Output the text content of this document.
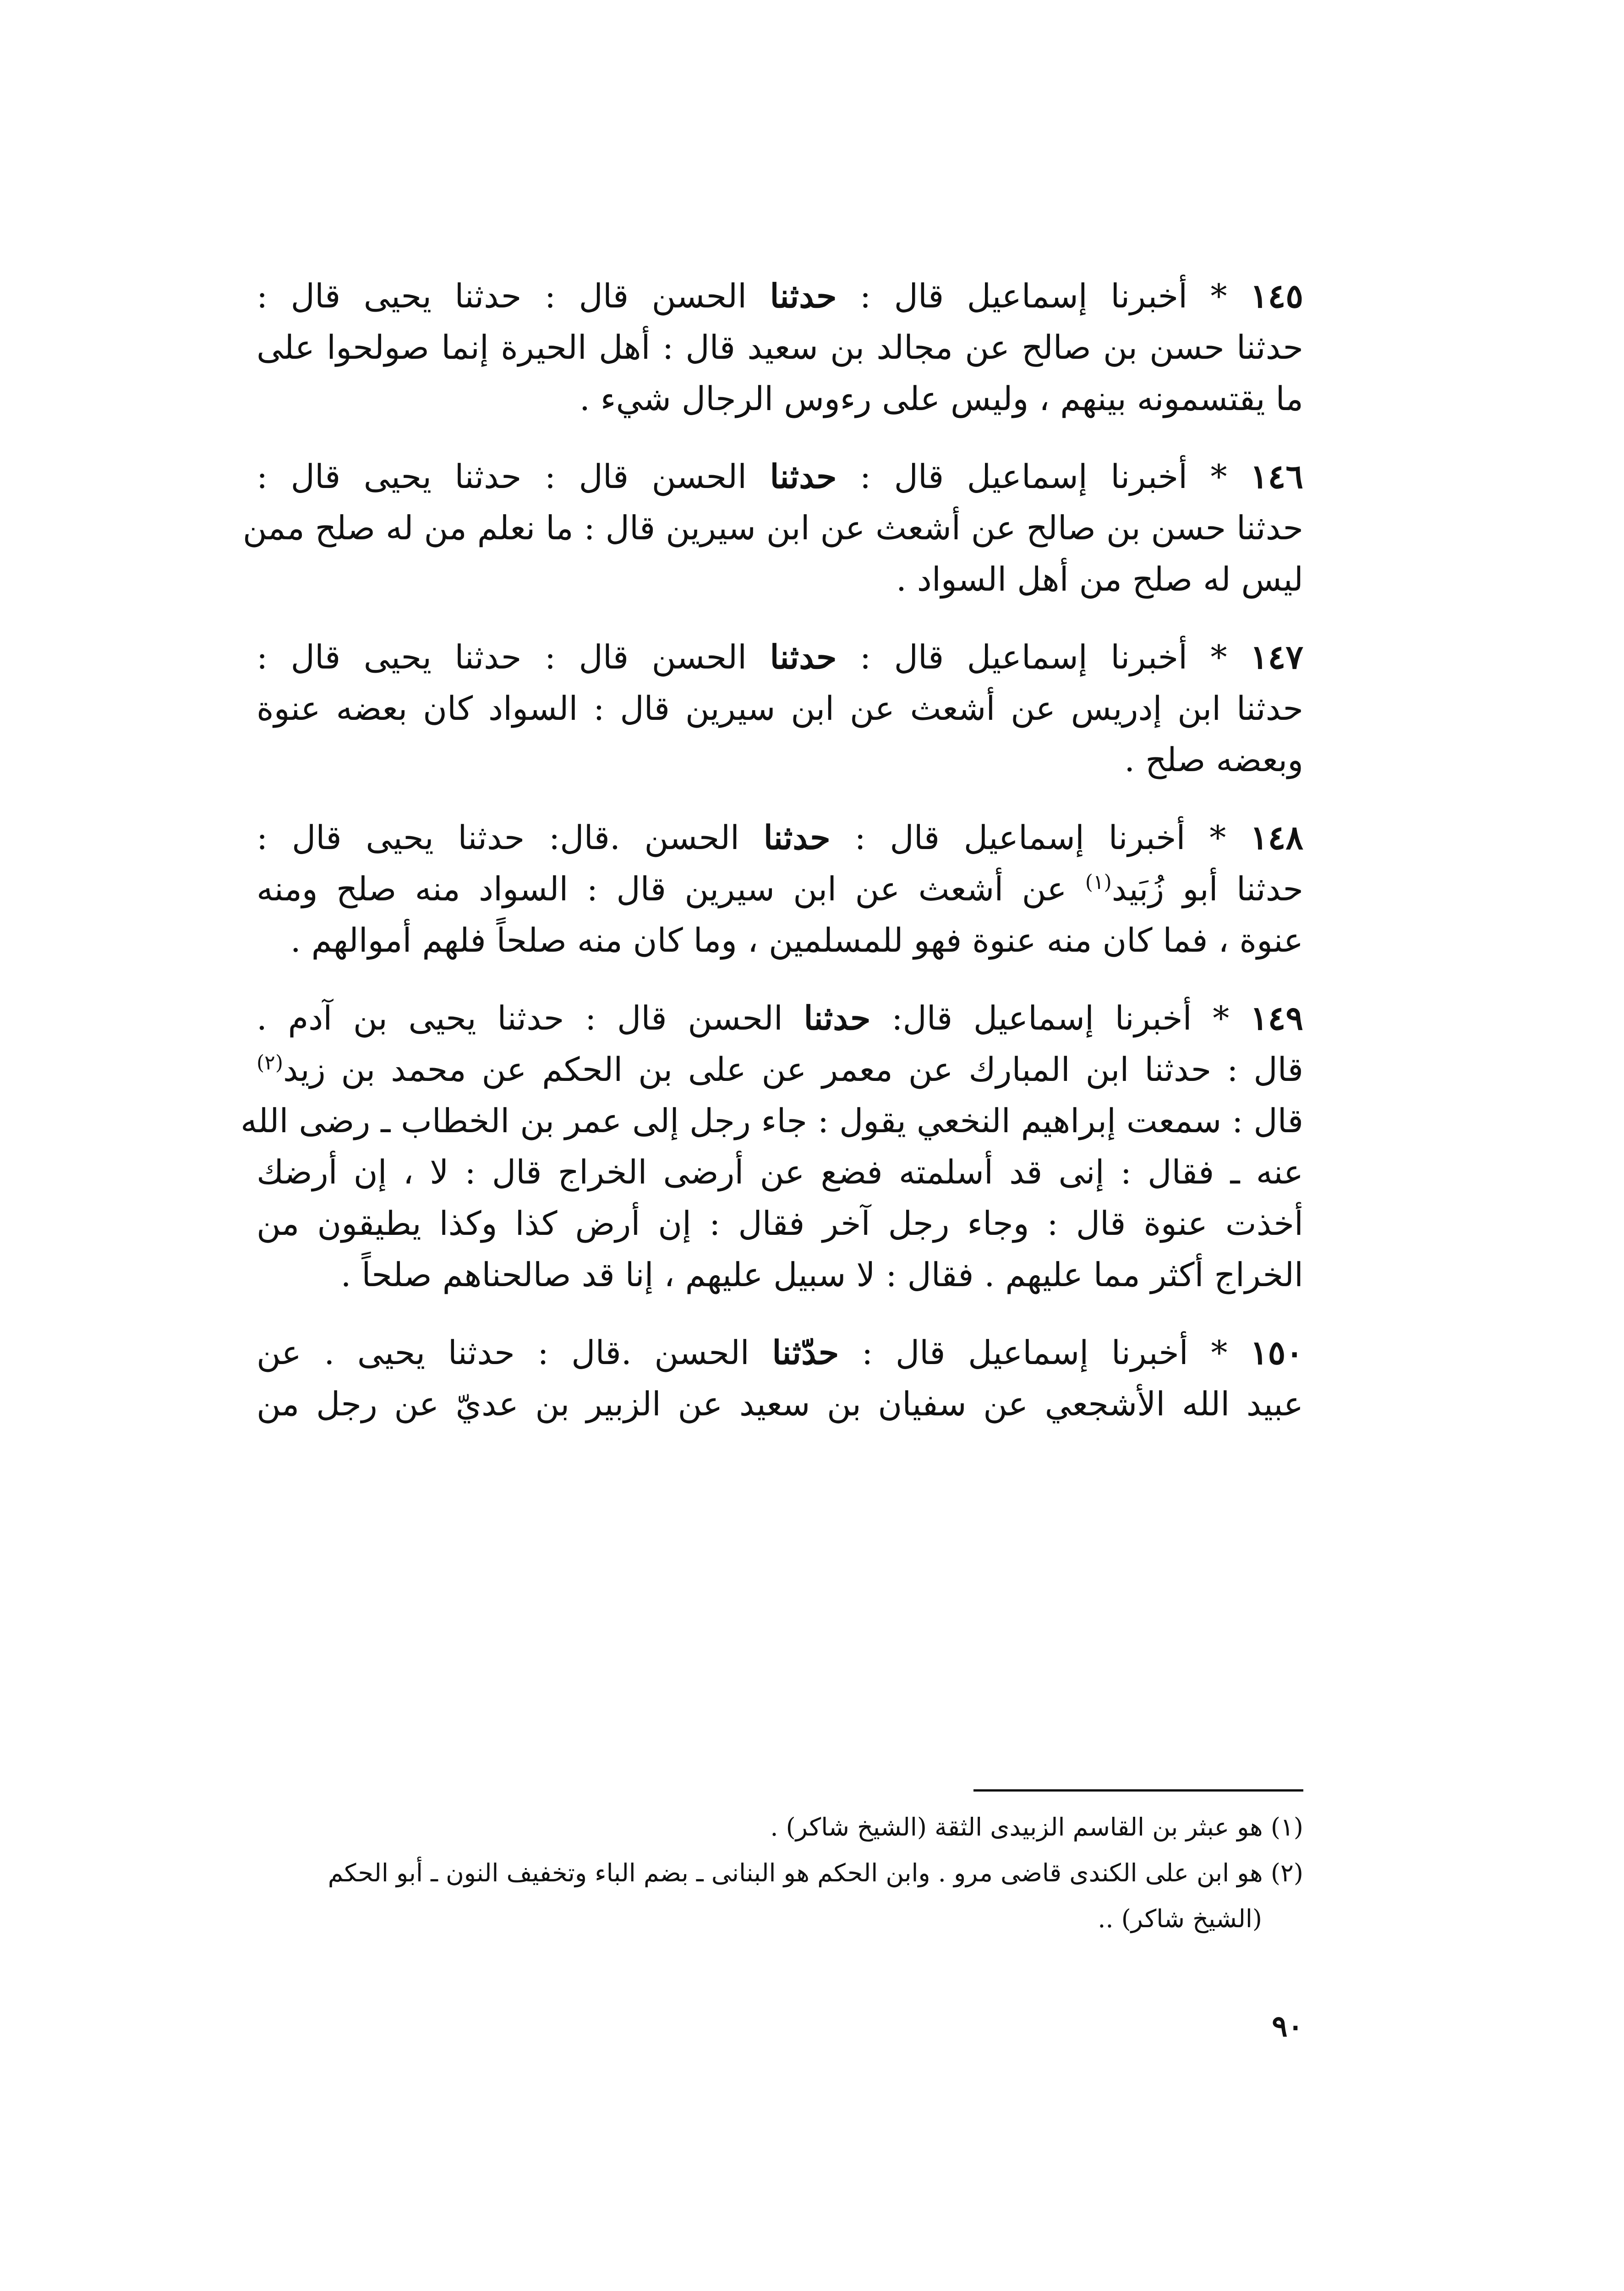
١٤٥ * أخبرنا إسماعيل قال : حدثنا الحسن قال : حدثنا يحيى قال :
حدثنا حسن بن صالح عن مجالد بن سعيد قال : أهل الحيرة إنما صولحوا على
ما يقتسمونه بينهم ، وليس على رءوس الرجال شيء .
١٤٦ * أخبرنا إسماعيل قال : حدثنا الحسن قال : حدثنا يحيى قال :
حدثنا حسن بن صالح عن أشعث عن ابن سيرين قال : ما نعلم من له صلح ممن
ليس له صلح من أهل السواد .
١٤٧ * أخبرنا إسماعيل قال : حدثنا الحسن قال : حدثنا يحيى قال :
حدثنا ابن إدريس عن أشعث عن ابن سيرين قال : السواد كان بعضه عنوة
وبعضه صلح .
١٤٨ * أخبرنا إسماعيل قال : حدثنا الحسن .قال: حدثنا يحيى قال :
حدثنا أبو زُبَيد$^{(١)}$ عن أشعث عن ابن سيرين قال : السواد منه صلح ومنه
عنوة ، فما كان منه عنوة فهو للمسلمين ، وما كان منه صلحاً فلهم أموالهم .
١٤٩ * أخبرنا إسماعيل قال: حدثنا الحسن قال : حدثنا يحيى بن آدم .
قال : حدثنا ابن المبارك عن معمر عن على بن الحكم عن محمد بن زيد$^{(٢)}$
قال : سمعت إبراهيم النخعي يقول : جاء رجل إلى عمر بن الخطاب ـ رضى الله
عنه ـ فقال : إنى قد أسلمته فضع عن أرضى الخراج قال : لا ، إن أرضك
أخذت عنوة قال : وجاء رجل آخر فقال : إن أرض كذا وكذا يطيقون من
الخراج أكثر مما عليهم . فقال : لا سبيل عليهم ، إنا قد صالحناهم صلحاً .
١٥٠ * أخبرنا إسماعيل قال : حدّثنا الحسن .قال : حدثنا يحيى . عن
عبيد الله الأشجعي عن سفيان بن سعيد عن الزبير بن عديّ عن رجل من
(١) هو عبثر بن القاسم الزبيدى الثقة (الشيخ شاكر) .
(٢) هو ابن على الكندى قاضى مرو . وابن الحكم هو البنانى ـ بضم الباء وتخفيف النون ـ أبو الحكم
(الشيخ شاكر) ..
٩٠
